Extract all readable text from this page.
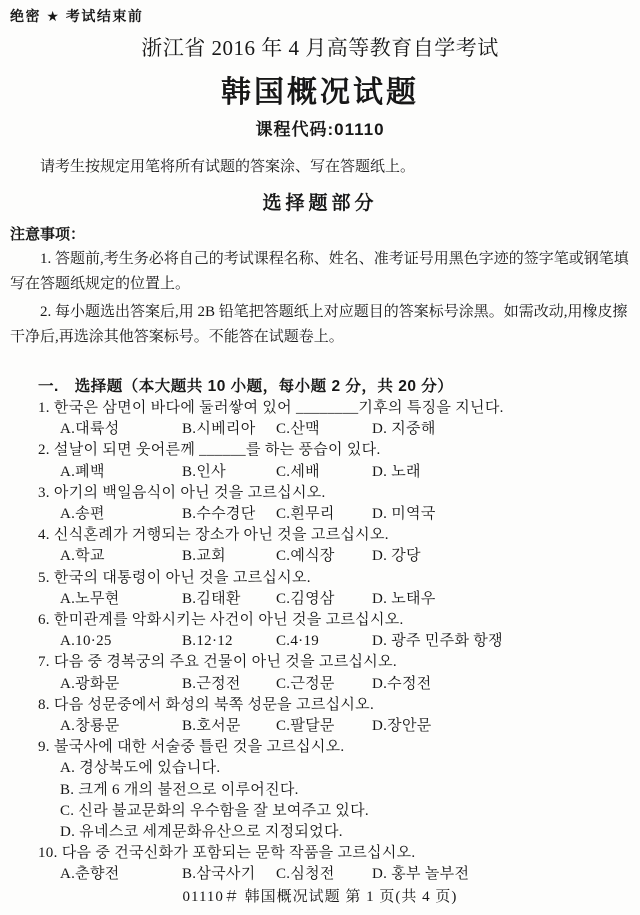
绝密 ★ 考试结束前
浙江省 2016 年 4 月高等教育自学考试
韩国概况试题
课程代码:01110

请考生按规定用笔将所有试题的答案涂、写在答题纸上。

选择题部分
注意事项：

1. 答题前,考生务必将自己的考试课程名称、姓名、准考证号用黑色字迹的签字笔或钢笔填写在答题纸规定的位置上。

2. 每小题选出答案后,用 2B 铅笔把答题纸上对应题目的答案标号涂黑。如需改动,用橡皮擦干净后,再选涂其他答案标号。不能答在试题卷上。

一.　选择题（本大题共 10 小题，每小题 2 分，共 20 分）
1. 한국은 삼면이 바다에 둘러쌓여 있어 ________기후의 특징을 지닌다.
A.대륙성	B.시베리아 C.산맥	D. 지중해
2. 설날이 되면 웃어른께 ______를 하는 풍습이 있다.
A.폐백	B.인사	C.세배	D. 노래
3. 아기의 백일음식이 아닌 것을 고르십시오.
A.송편	B.수수경단 C.흰무리 D. 미역국
4. 신식혼례가 거행되는 장소가 아닌 것을 고르십시오.
A.학교	B.교회	C.예식장 D. 강당
5. 한국의 대통령이 아닌 것을 고르십시오.
A.노무현	B.김태환 C.김영삼 D. 노태우
6. 한미관계를 악화시키는 사건이 아닌 것을 고르십시오.
A.10·25	B.12·12	C.4·19	D. 광주 민주화 항쟁
7. 다음 중 경복궁의 주요 건물이 아닌 것을 고르십시오.
A.광화문	B.근정전 C.근정문 D.수정전
8. 다음 성문중에서 화성의 북쪽 성문을 고르십시오.
A.창룡문	B.호서문 C.팔달문 D.장안문
9. 불국사에 대한 서술중 틀린 것을 고르십시오.
A. 경상북도에 있습니다.
B. 크게 6 개의 불전으로 이루어진다.
C. 신라 불교문화의 우수함을 잘 보여주고 있다.
D. 유네스코 세계문화유산으로 지정되었다.
10. 다음 중 건국신화가 포함되는 문학 작품을 고르십시오.
A.춘향전	B.삼국사기 C.심청전 D. 홍부 놀부전
01110＃ 韩国概况试题 第 1 页(共 4 页)
